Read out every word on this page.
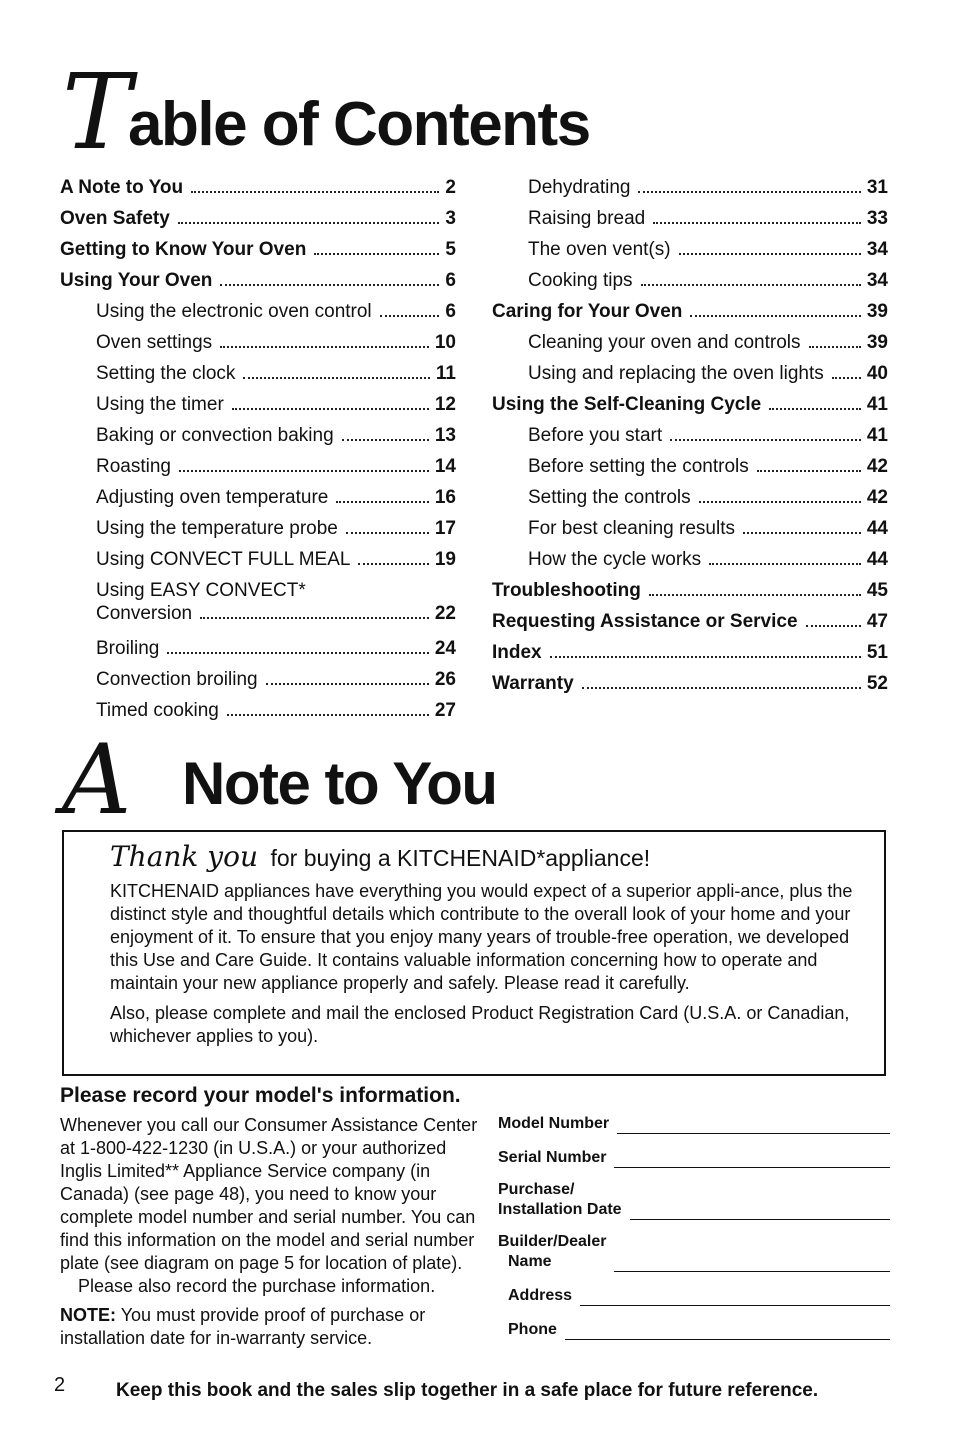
T
able of Contents
A Note to You	2
Oven Safety	3
Getting to Know Your Oven	5
Using Your Oven	6
Using the electronic oven control	6
Oven settings	10
Setting the clock	11
Using the timer	12
Baking or convection baking	13
Roasting	14
Adjusting oven temperature	16
Using the temperature probe	17
Using CONVECT FULL MEAL	19
Using EASY CONVECT*
Conversion	22
Broiling	24
Convection broiling	26
Timed cooking	27
Dehydrating	31
Raising bread	33
The oven vent(s)	34
Cooking tips	34
Caring for Your Oven	39
Cleaning your oven and controls	39
Using and replacing the oven lights 40
Using the Self-Cleaning Cycle	41
Before you start	41
Before setting the controls	42
Setting the controls	42
For best cleaning results	44
How the cycle works	44
Troubleshooting	45
Requesting Assistance or Service	47
Index	51
Warranty	52
A Note to You
Thank you for buying a KITCHENAID*appliance!

KITCHENAID appliances have everything you would expect of a superior appli-ance, plus the distinct style and thoughtful details which contribute to the overall look of your home and your enjoyment of it. To ensure that you enjoy many years of trouble-free operation, we developed this Use and Care Guide. It contains valuable information concerning how to operate and maintain your new appliance properly and safely. Please read it carefully.

Also, please complete and mail the enclosed Product Registration Card (U.S.A. or Canadian, whichever applies to you).

Please record your model's information.

Whenever you call our Consumer Assistance Center at 1-800-422-1230 (in U.S.A.) or your authorized Inglis Limited** Appliance Service company (in Canada) (see page 48), you need to know your complete model number and serial number. You can find this information on the model and serial number plate (see diagram on page 5 for location of plate).

Please also record the purchase information.

NOTE: You must provide proof of purchase or installation date for in-warranty service.

Model Number
Serial Number
Purchase/
Installation Date
Builder/Dealer
Name
Address
Phone
2	Keep this book and the sales slip together in a safe place for future reference.
